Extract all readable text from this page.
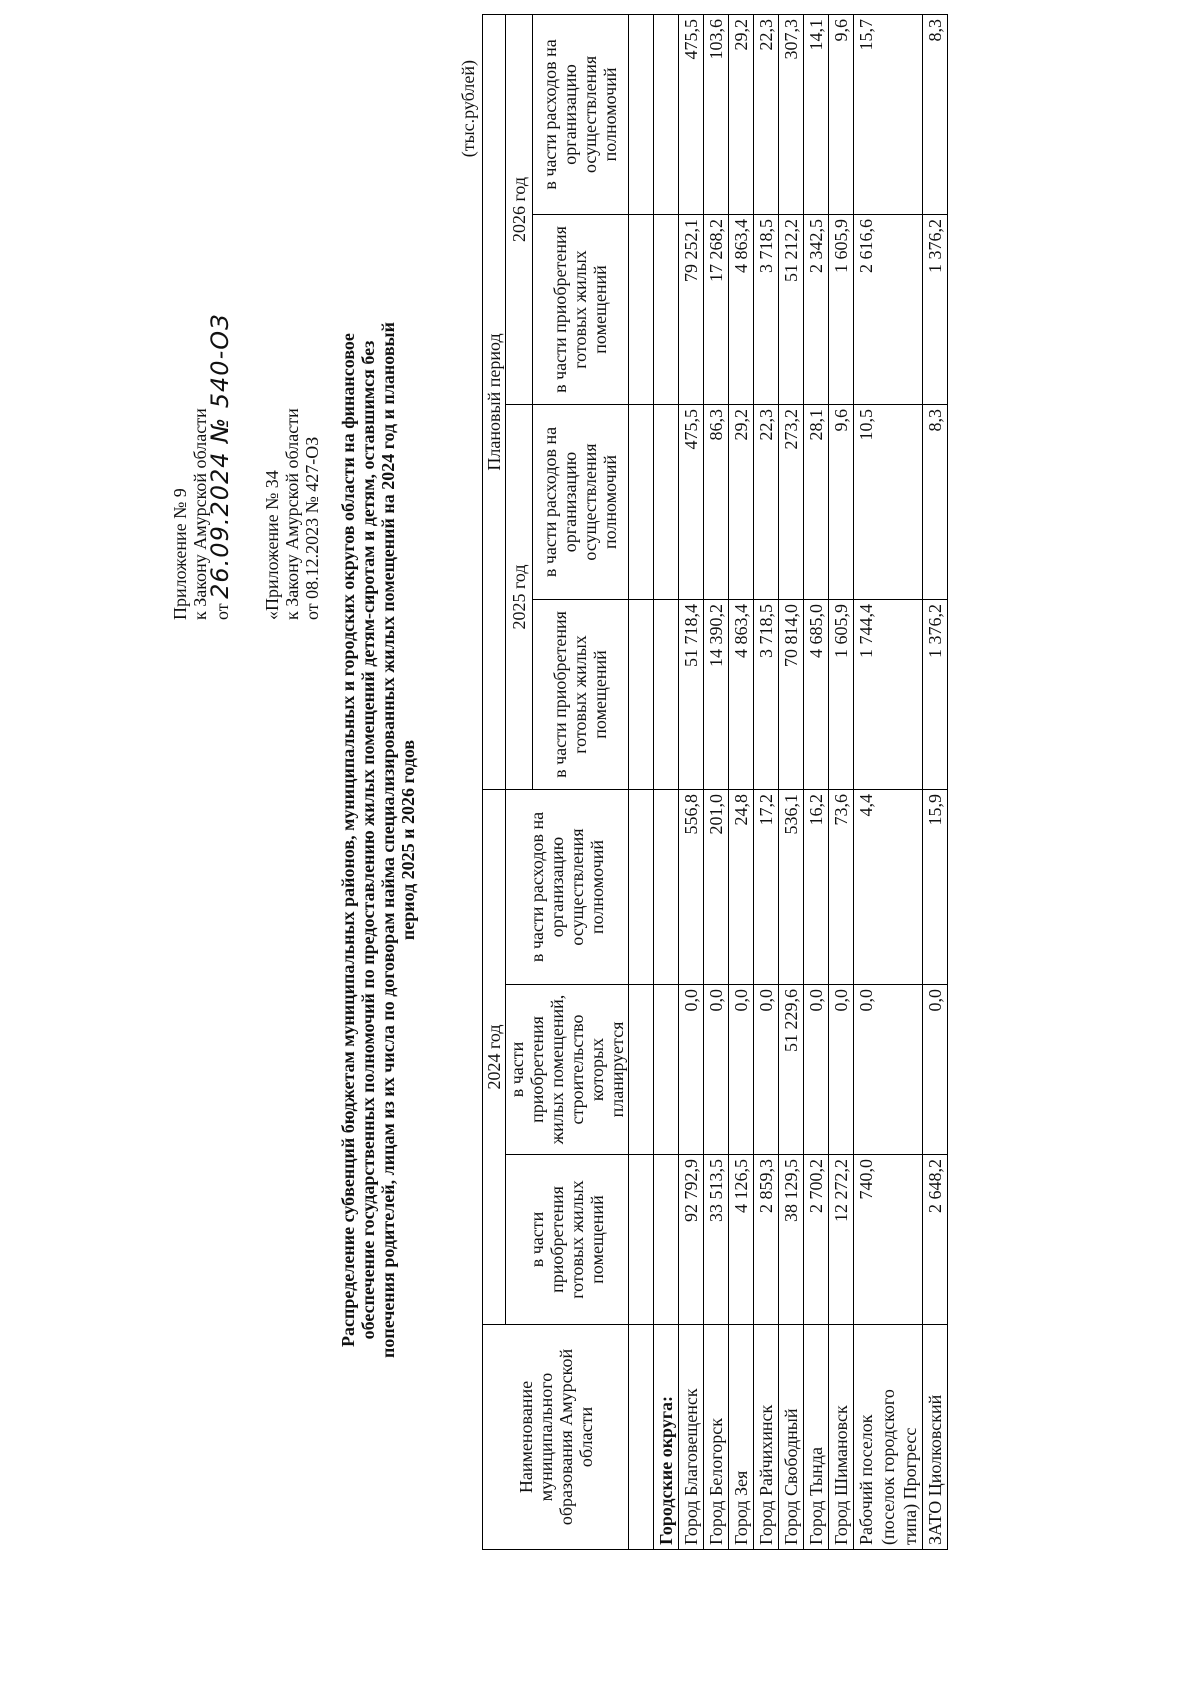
Приложение № 9 к Закону Амурской области от 26.09.2024 № 540-ОЗ «Приложение № 34 к Закону Амурской области от 08.12.2023 № 427-ОЗ Распределение субвенций бюджетам муниципальных районов, муниципальных и городских округов области на финансовое обеспечение государственных полномочий по предоставлению жилых помещений детям-сиротам и детям, оставшимся без попечения родителей, лицам из их числа по договорам найма специализированных жилых помещений на 2024 год и плановый период 2025 и 2026 годов
(тыс.рублей)
Наименование муниципального образования Амурской области	2024 год			Плановый период			
	в части приобретения готовых жилых помещений	в части приобретения жилых помещений, строительство которых планируется	в части расходов на организацию осуществления полномочий	2025 год		2026 год	
				в части приобретения готовых жилых помещений	в части расходов на организацию осуществления полномочий	в части приобретения готовых жилых помещений	в части расходов на организацию осуществления полномочий

Городские округа:							
Город Благовещенск	92 792,9	0,0	556,8	51 718,4	475,5	79 252,1	475,5
Город Белогорск	33 513,5	0,0	201,0	14 390,2	86,3	17 268,2	103,6
Город Зея	4 126,5	0,0	24,8	4 863,4	29,2	4 863,4	29,2
Город Райчихинск	2 859,3	0,0	17,2	3 718,5	22,3	3 718,5	22,3
Город Свободный	38 129,5	51 229,6	536,1	70 814,0	273,2	51 212,2	307,3
Город Тында	2 700,2	0,0	16,2	4 685,0	28,1	2 342,5	14,1
Город Шимановск	12 272,2	0,0	73,6	1 605,9	9,6	1 605,9	9,6

Рабочий поселок (поселок городского типа) Прогресс	740,0	0,0	4,4	1 744,4	10,5	2 616,6	15,7
ЗАТО Циолковский	2 648,2	0,0	15,9	1 376,2	8,3	1 376,2	8,3
